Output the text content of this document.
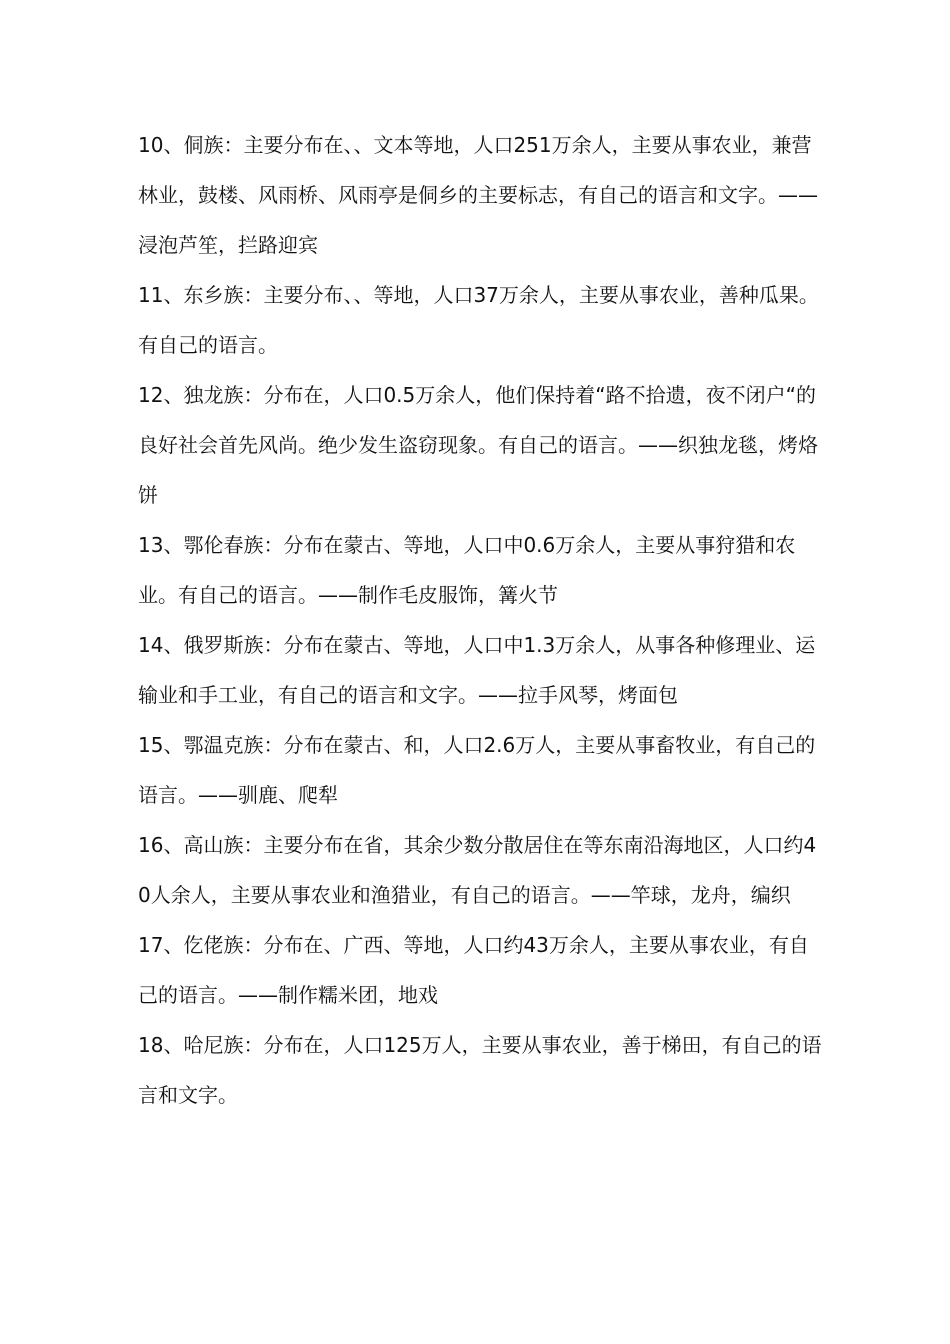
10、侗族：主要分布在、、文本等地，人口251万余人，主要从事农业，兼营林业，鼓楼、风雨桥、风雨亭是侗乡的主要标志，有自己的语言和文字。——浸泡芦笙，拦路迎宾

11、东乡族：主要分布、、等地，人口37万余人，主要从事农业，善种瓜果。有自己的语言。

12、独龙族：分布在，人口0.5万余人，他们保持着“路不拾遗，夜不闭户“的良好社会首先风尚。绝少发生盗窃现象。有自己的语言。——织独龙毯，烤烙饼

13、鄂伦春族：分布在蒙古、等地，人口中0.6万余人，主要从事狩猎和农业。有自己的语言。——制作毛皮服饰，篝火节

14、俄罗斯族：分布在蒙古、等地，人口中1.3万余人，从事各种修理业、运输业和手工业，有自己的语言和文字。——拉手风琴，烤面包

15、鄂温克族：分布在蒙古、和，人口2.6万人，主要从事畜牧业，有自己的语言。——驯鹿、爬犁

16、高山族：主要分布在省，其余少数分散居住在等东南沿海地区，人口约40人余人，主要从事农业和渔猎业，有自己的语言。——竿球，龙舟，编织

17、仡佬族：分布在、广西、等地，人口约43万余人，主要从事农业，有自己的语言。——制作糯米团，地戏

18、哈尼族：分布在，人口125万人，主要从事农业，善于梯田，有自己的语言和文字。
